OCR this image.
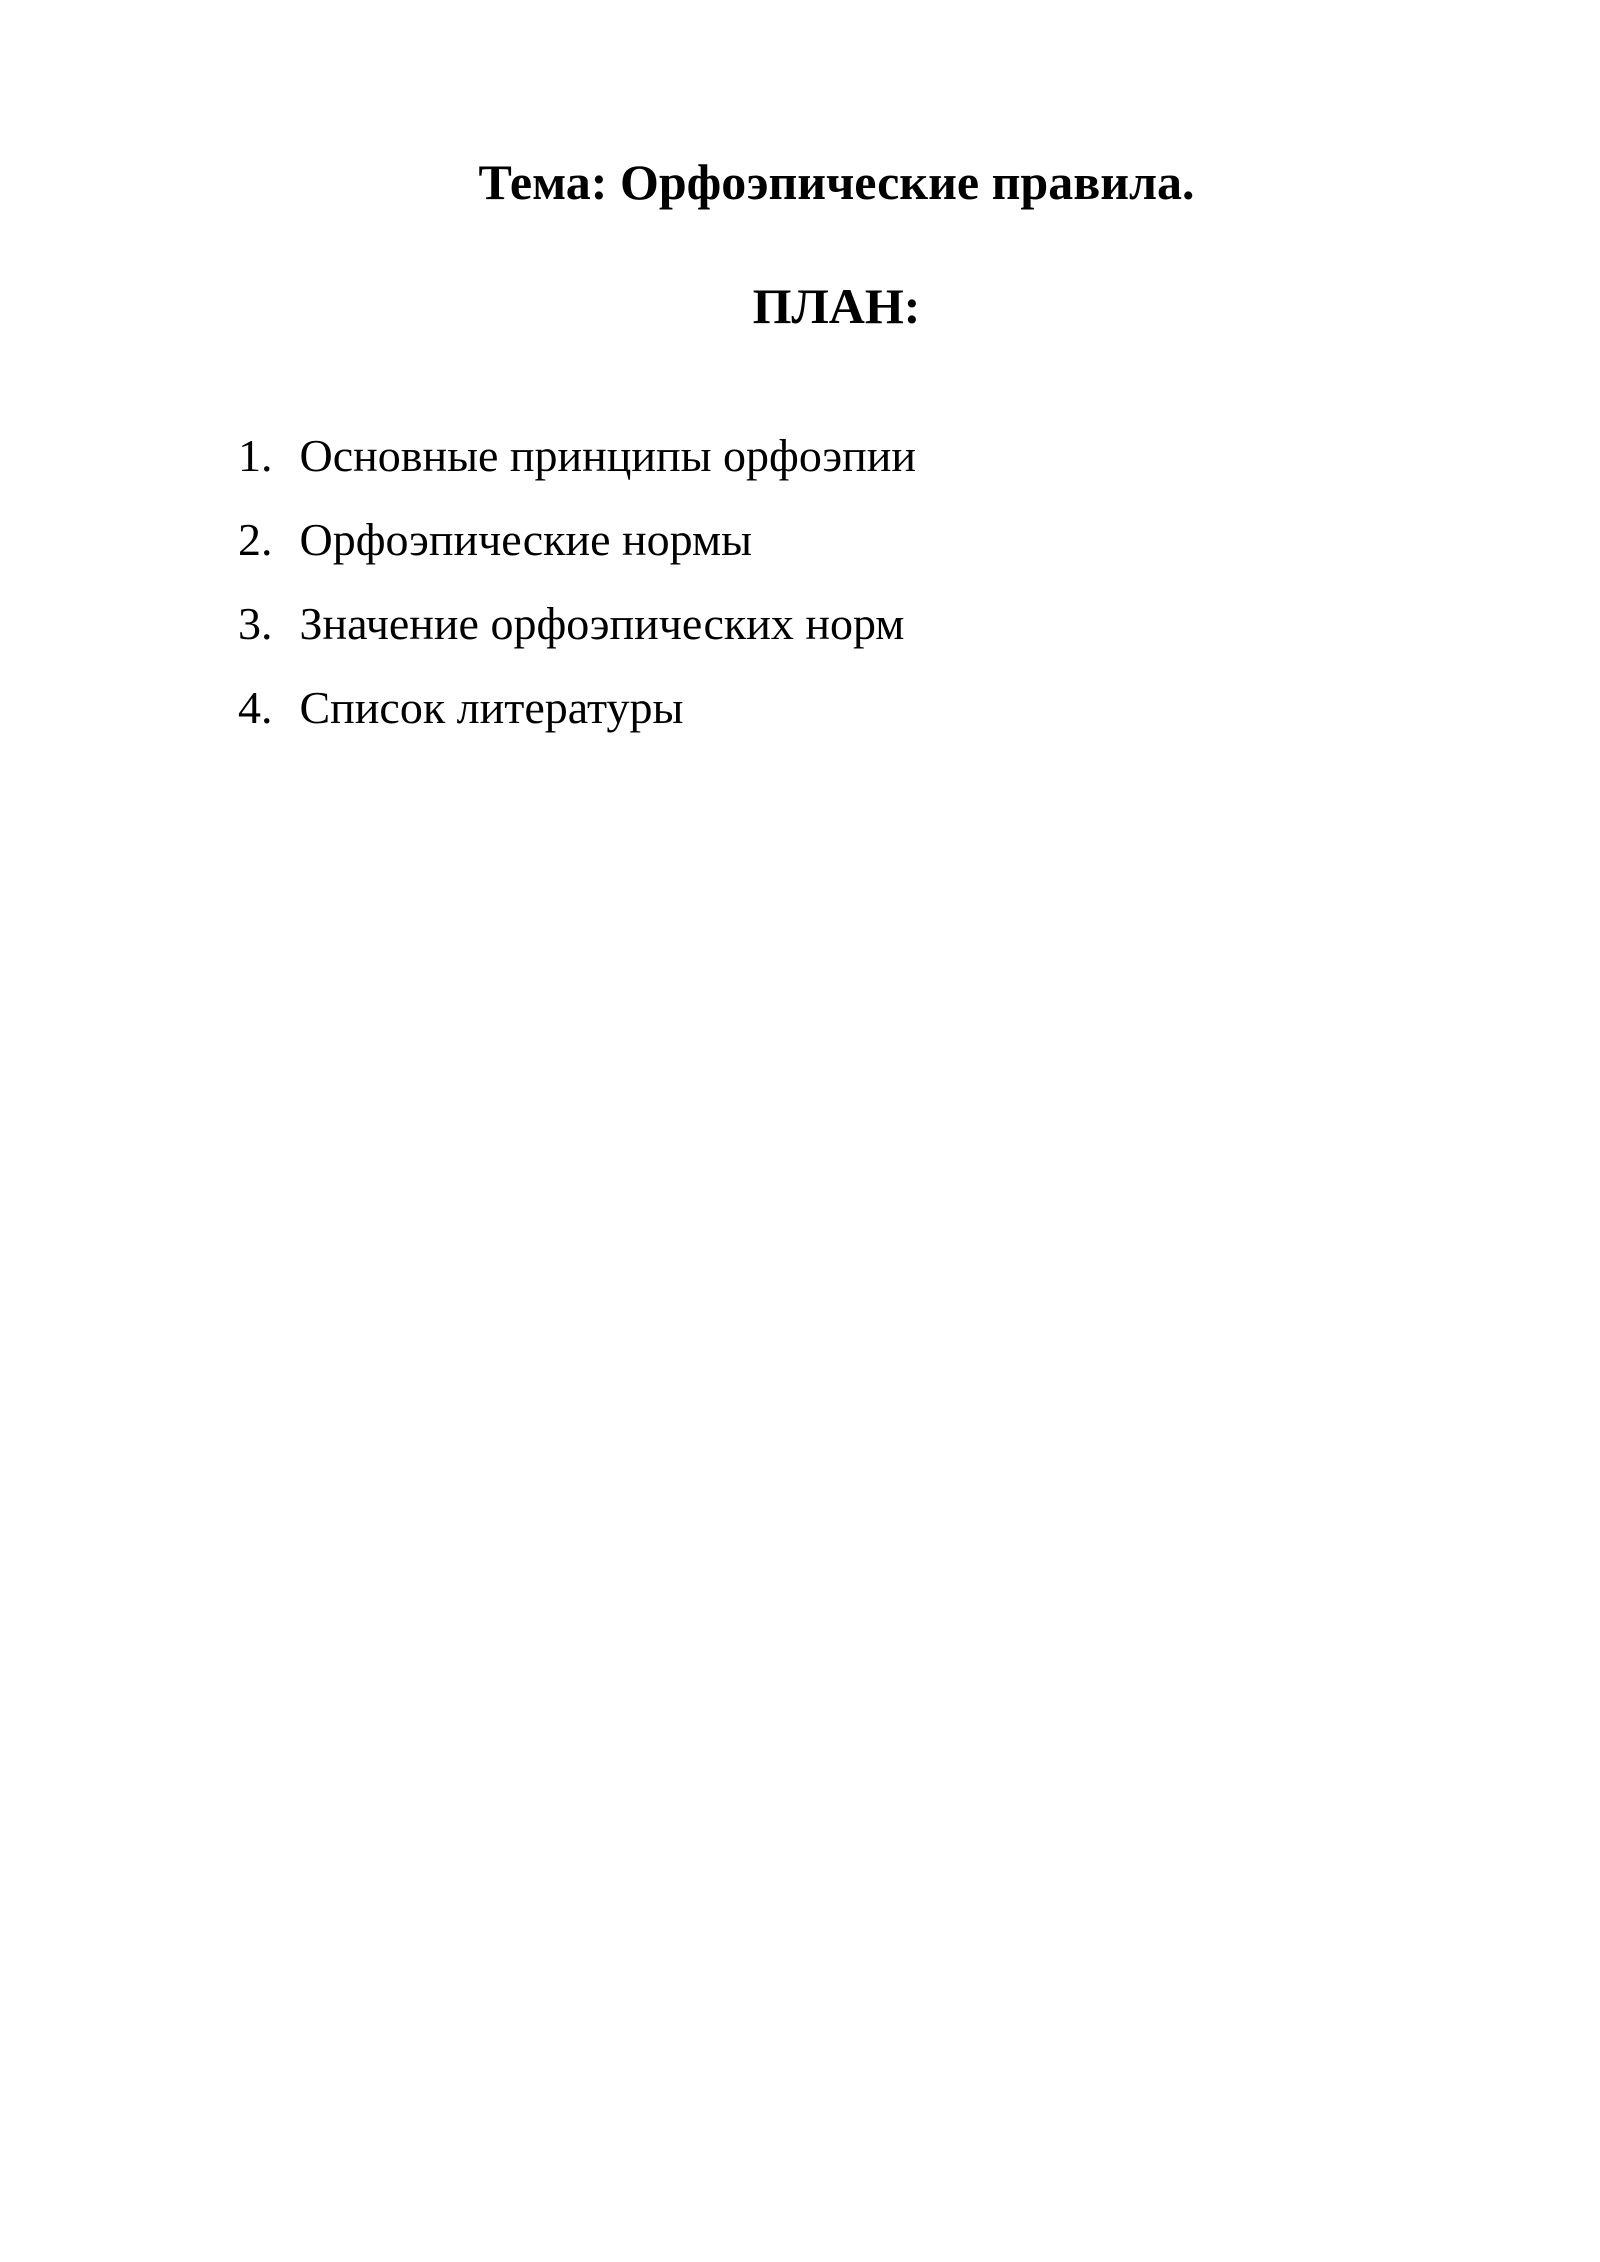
Тема: Орфоэпические правила.
ПЛАН:
1. Основные принципы орфоэпии
2. Орфоэпические нормы
3. Значение орфоэпических норм
4. Список литературы
